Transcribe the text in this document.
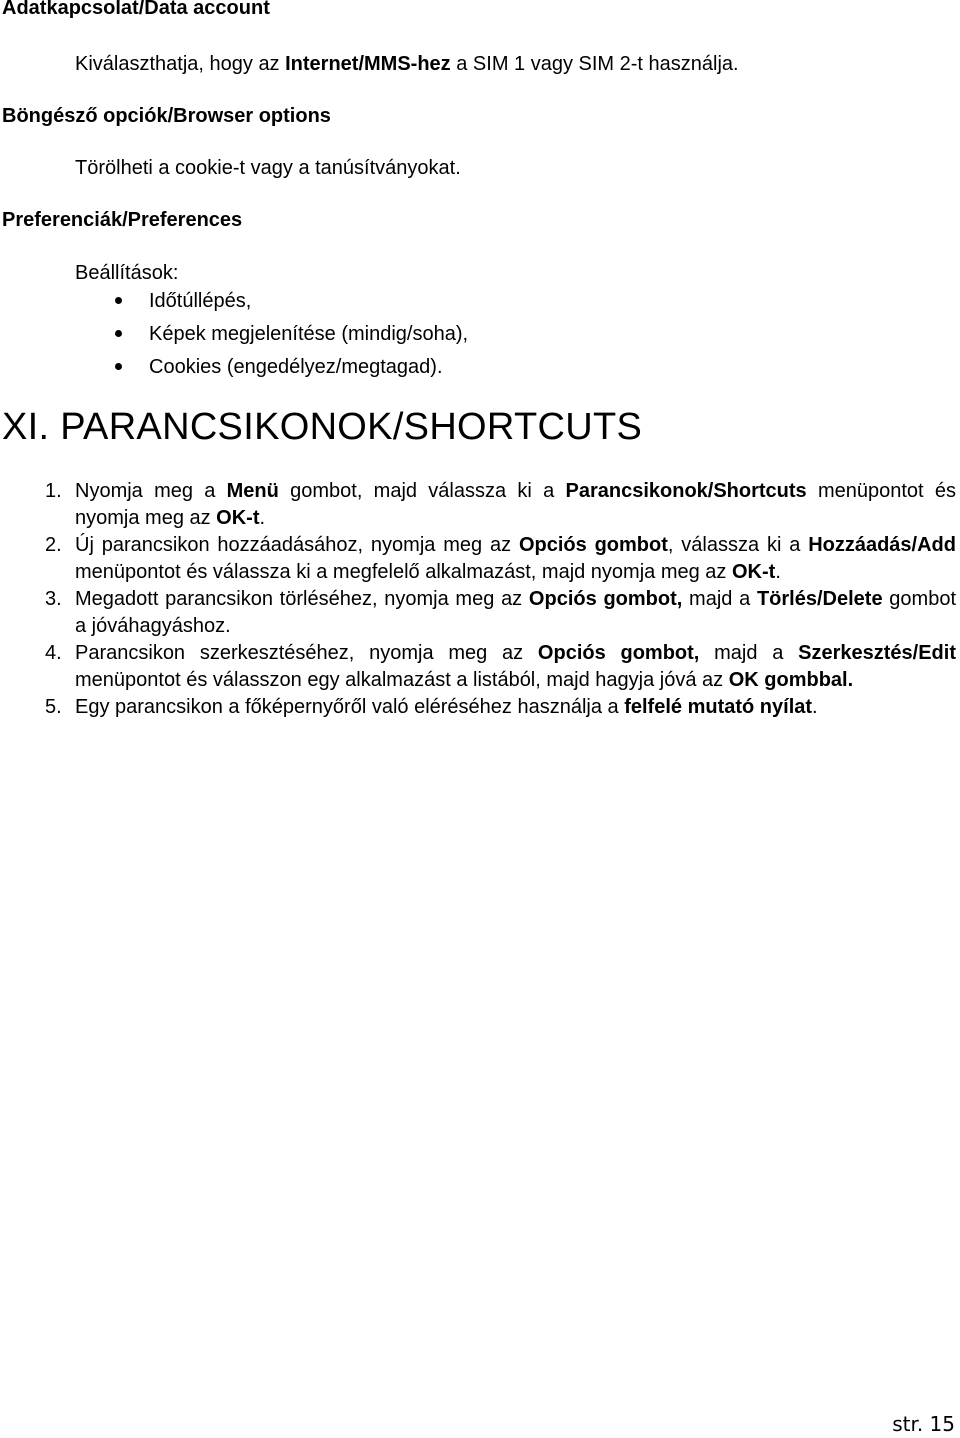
Adatkapcsolat/Data account
Kiválaszthatja, hogy az Internet/MMS-hez a SIM 1 vagy SIM 2-t használja.
Böngésző opciók/Browser options
Törölheti a cookie-t vagy a tanúsítványokat.
Preferenciák/Preferences
Beállítások:
Időtúllépés,
Képek megjelenítése (mindig/soha),
Cookies (engedélyez/megtagad).
XI. PARANCSIKONOK/SHORTCUTS
1. Nyomja meg a Menü gombot, majd válassza ki a Parancsikonok/Shortcuts menüpontot és nyomja meg az OK-t.
2. Új parancsikon hozzáadásához, nyomja meg az Opciós gombot, válassza ki a Hozzáadás/Add menüpontot és válassza ki a megfelelő alkalmazást, majd nyomja meg az OK-t.
3. Megadott parancsikon törléséhez, nyomja meg az Opciós gombot, majd a Törlés/Delete gombot a jóváhagyáshoz.
4. Parancsikon szerkesztéséhez, nyomja meg az Opciós gombot, majd a Szerkesztés/Edit menüpontot és válasszon egy alkalmazást a listából, majd hagyja jóvá az OK gombbal.
5. Egy parancsikon a főképernyőről való eléréséhez használja a felfelé mutató nyílat.
str. 15
